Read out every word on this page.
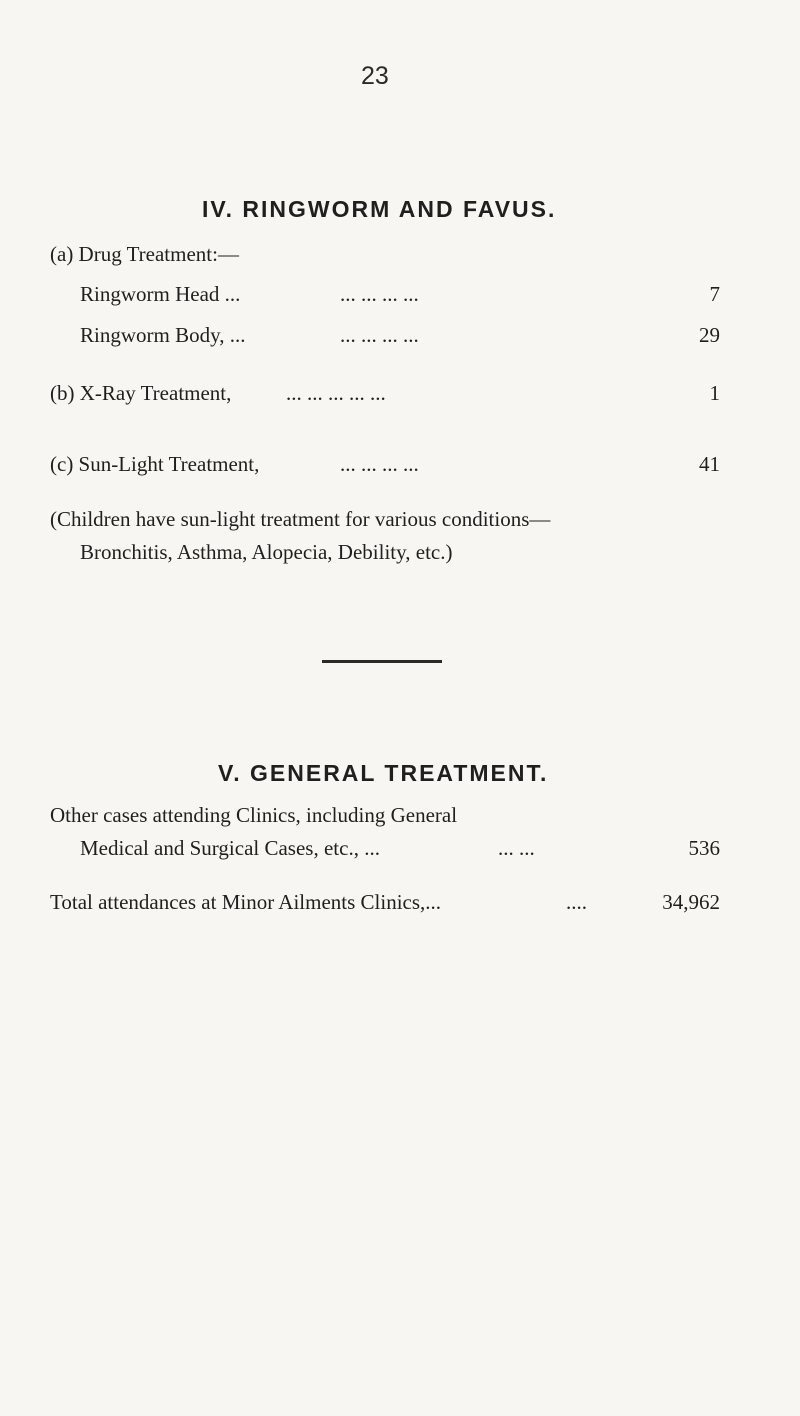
23
IV. RINGWORM AND FAVUS.
(a) Drug Treatment:—
Ringworm Head ...	... ... ... ...	7
Ringworm Body, ...	... ... ... ...	29
(b) X-Ray Treatment,	... ... ... ... ...	1
(c) Sun-Light Treatment,	... ... ... ...	41
(Children have sun-light treatment for various conditions—
Bronchitis, Asthma, Alopecia, Debility, etc.)
V. GENERAL TREATMENT.
Other cases attending Clinics, including General
Medical and Surgical Cases, etc., ...	... ...	536
Total attendances at Minor Ailments Clinics,...	....	34,962
